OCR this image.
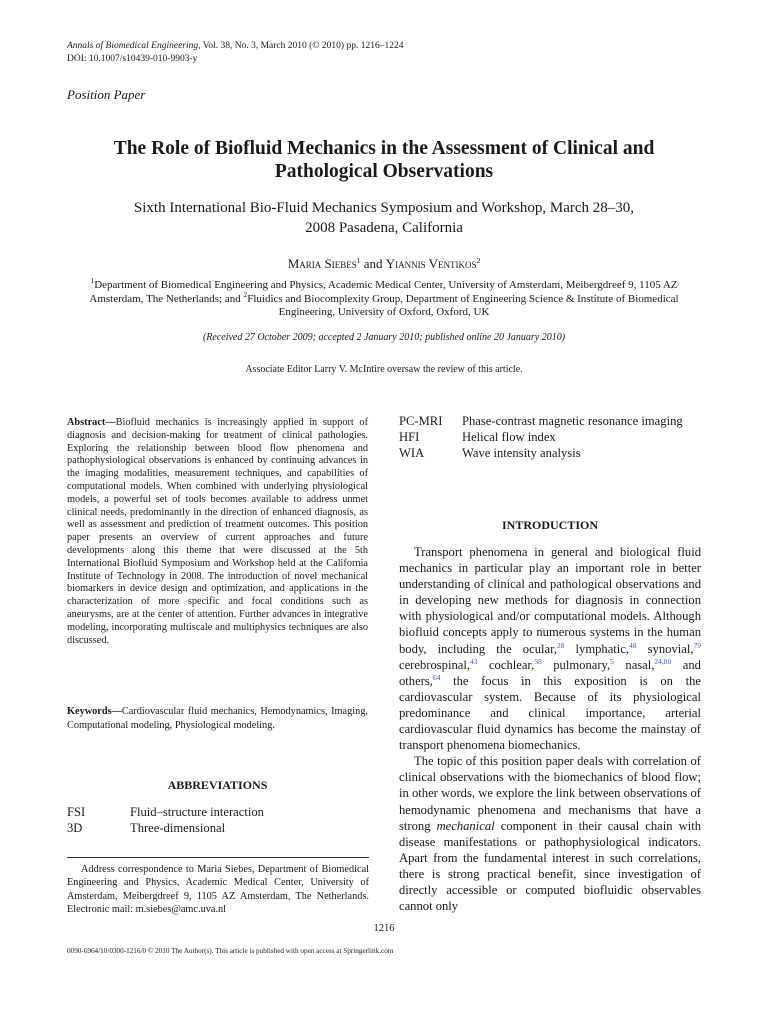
Annals of Biomedical Engineering, Vol. 38, No. 3, March 2010 (© 2010) pp. 1216–1224
DOI: 10.1007/s10439-010-9903-y
Position Paper
The Role of Biofluid Mechanics in the Assessment of Clinical and
Pathological Observations
Sixth International Bio-Fluid Mechanics Symposium and Workshop, March 28–30,
2008 Pasadena, California
Maria Siebes$^1$ and Yiannis Ventikos$^2$
$^1$Department of Biomedical Engineering and Physics, Academic Medical Center, University of Amsterdam, Meibergdreef 9, 1105 AZ Amsterdam, The Netherlands; and $^2$Fluidics and Biocomplexity Group, Department of Engineering Science & Institute of Biomedical Engineering, University of Oxford, Oxford, UK
(Received 27 October 2009; accepted 2 January 2010; published online 20 January 2010)
Associate Editor Larry V. McIntire oversaw the review of this article.
Abstract—Biofluid mechanics is increasingly applied in support of diagnosis and decision-making for treatment of clinical pathologies. Exploring the relationship between blood flow phenomena and pathophysiological observations is enhanced by continuing advances in the imaging modalities, measurement techniques, and capabilities of computational models. When combined with underlying physiological models, a powerful set of tools becomes available to address unmet clinical needs, predominantly in the direction of enhanced diagnosis, as well as assessment and prediction of treatment outcomes. This position paper presents an overview of current approaches and future developments along this theme that were discussed at the 5th International Biofluid Symposium and Workshop held at the California Institute of Technology in 2008. The introduction of novel mechanical biomarkers in device design and optimization, and applications in the characterization of more specific and focal conditions such as aneurysms, are at the center of attention. Further advances in integrative modeling, incorporating multiscale and multiphysics techniques are also discussed.
Keywords—Cardiovascular fluid mechanics, Hemodynamics, Imaging, Computational modeling, Physiological modeling.
ABBREVIATIONS
FSI	Fluid–structure interaction
3D	Three-dimensional
Address correspondence to Maria Siebes, Department of Biomedical Engineering and Physics, Academic Medical Center, University of Amsterdam, Meibergdreef 9, 1105 AZ Amsterdam, The Netherlands. Electronic mail: m.siebes@amc.uva.nl
PC-MRI	Phase-contrast magnetic resonance imaging
HFI	Helical flow index
WIA	Wave intensity analysis
INTRODUCTION

Transport phenomena in general and biological fluid mechanics in particular play an important role in better understanding of clinical and pathological observations and in developing new methods for diagnosis in connection with physiological and/or computational models. Although biofluid concepts apply to numerous systems in the human body, including the ocular,$^{28}$ lymphatic,$^{48}$ synovial,$^{79}$ cerebrospinal,$^{43}$ cochlear,$^{58}$ pulmonary,$^5$ nasal,$^{24,80}$ and others,$^{64}$ the focus in this exposition is on the cardiovascular system. Because of its physiological predominance and clinical importance, arterial cardiovascular fluid dynamics has become the mainstay of transport phenomena biomechanics.

The topic of this position paper deals with correlation of clinical observations with the biomechanics of blood flow; in other words, we explore the link between observations of hemodynamic phenomena and mechanisms that have a strong mechanical component in their causal chain with disease manifestations or pathophysiological indicators. Apart from the fundamental interest in such correlations, there is strong practical benefit, since investigation of directly accessible or computed biofluidic observables cannot only

1216
0090-6964/10/0300-1216/0 © 2010 The Author(s). This article is published with open access at Springerlink.com
